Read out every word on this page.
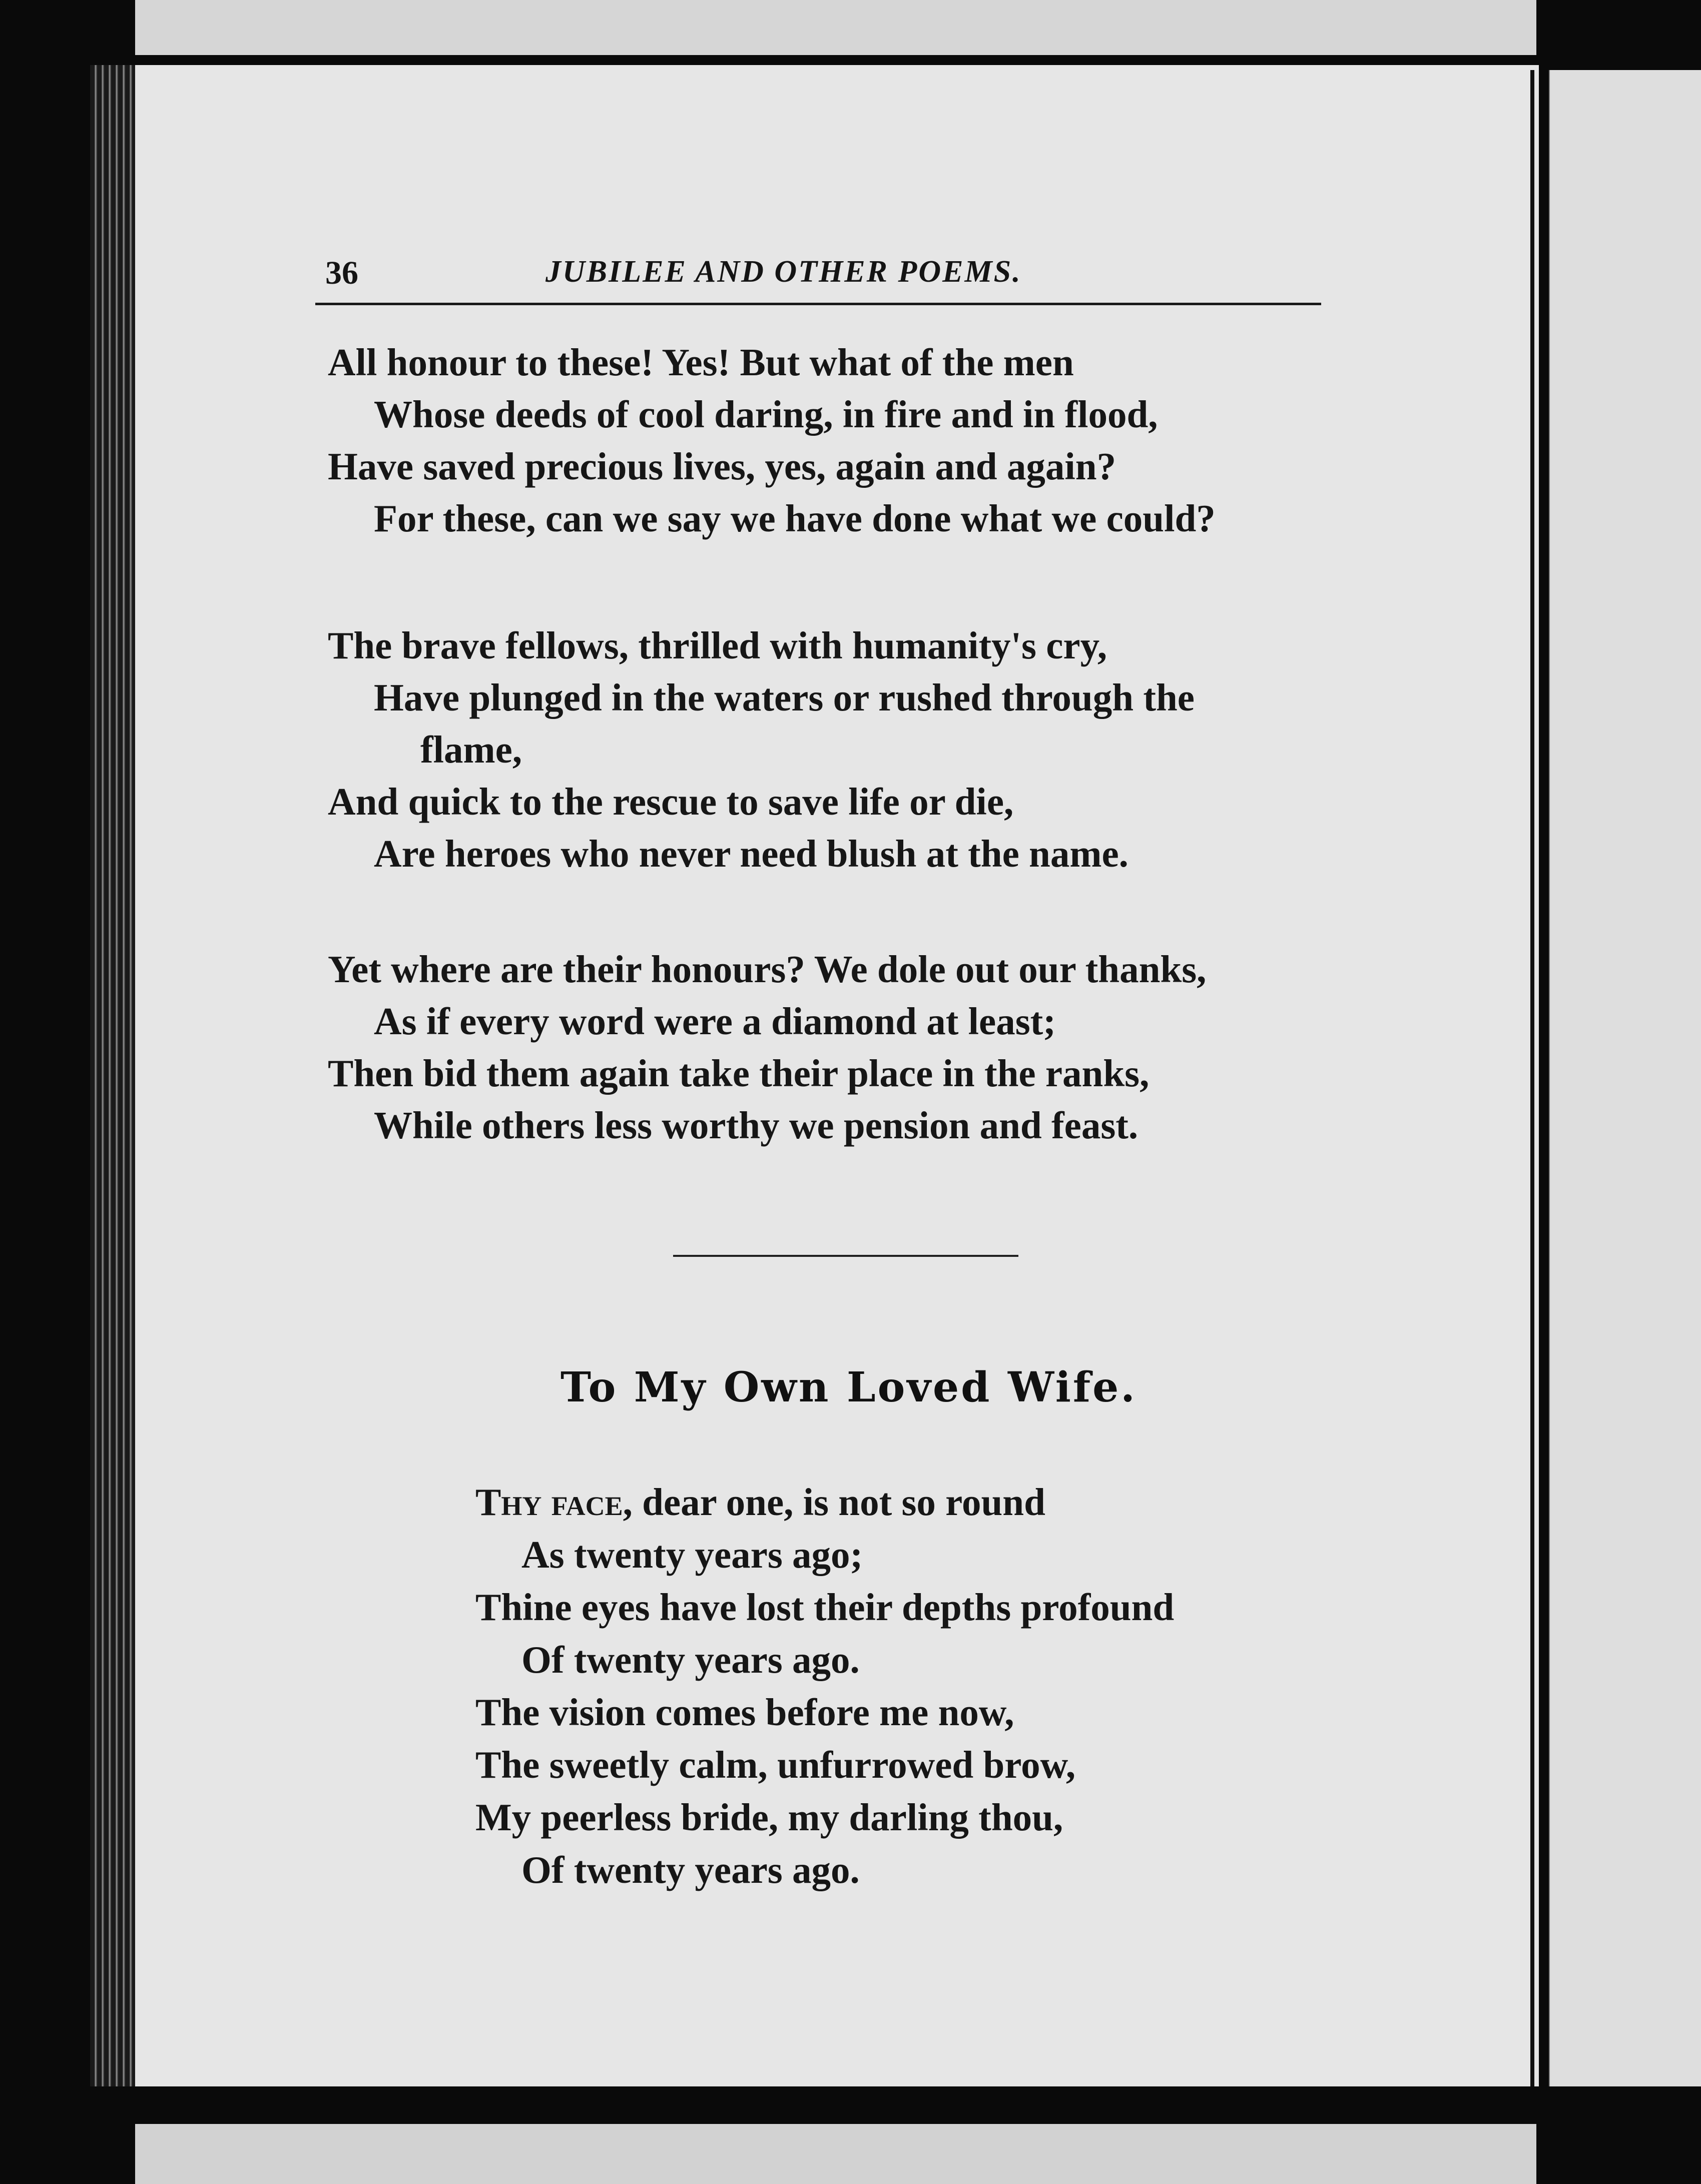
36	JUBILEE AND OTHER POEMS.
All honour to these! Yes! But what of the men
Whose deeds of cool daring, in fire and in flood,
Have saved precious lives, yes, again and again?
For these, can we say we have done what we could?
The brave fellows, thrilled with humanity's cry,
Have plunged in the waters or rushed through the
flame,
And quick to the rescue to save life or die,
Are heroes who never need blush at the name.
Yet where are their honours? We dole out our thanks,
As if every word were a diamond at least;
Then bid them again take their place in the ranks,
While others less worthy we pension and feast.
To My Own Loved Wife.
Thy face, dear one, is not so round
As twenty years ago;
Thine eyes have lost their depths profound
Of twenty years ago.
The vision comes before me now,
The sweetly calm, unfurrowed brow,
My peerless bride, my darling thou,
Of twenty years ago.
